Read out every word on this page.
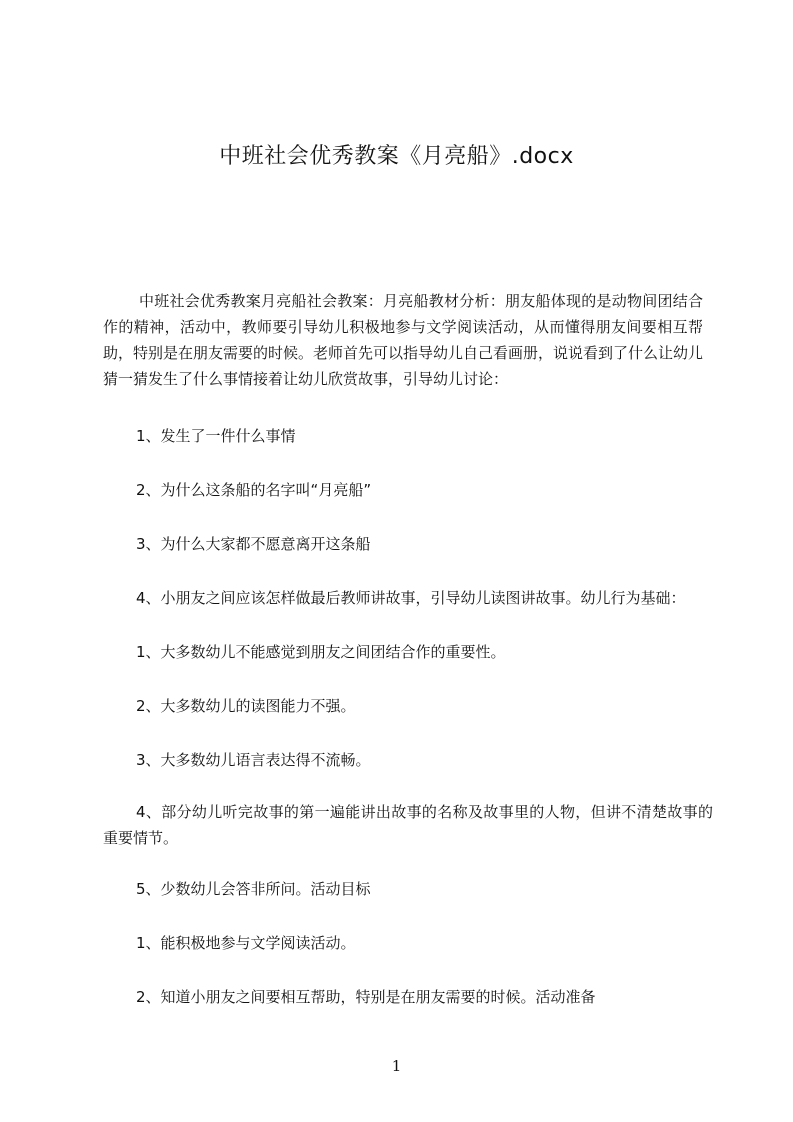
中班社会优秀教案《月亮船》.docx

中班社会优秀教案月亮船社会教案：月亮船教材分析：朋友船体现的是动物间团结合作的精神，活动中，教师要引导幼儿积极地参与文学阅读活动，从而懂得朋友间要相互帮助，特别是在朋友需要的时候。老师首先可以指导幼儿自己看画册，说说看到了什么让幼儿猜一猜发生了什么事情接着让幼儿欣赏故事，引导幼儿讨论：

1、发生了一件什么事情

2、为什么这条船的名字叫“月亮船”

3、为什么大家都不愿意离开这条船

4、小朋友之间应该怎样做最后教师讲故事，引导幼儿读图讲故事。幼儿行为基础：

1、大多数幼儿不能感觉到朋友之间团结合作的重要性。

2、大多数幼儿的读图能力不强。

3、大多数幼儿语言表达得不流畅。

4、部分幼儿听完故事的第一遍能讲出故事的名称及故事里的人物，但讲不清楚故事的重要情节。

5、少数幼儿会答非所问。活动目标

1、能积极地参与文学阅读活动。

2、知道小朋友之间要相互帮助，特别是在朋友需要的时候。活动准备

1
